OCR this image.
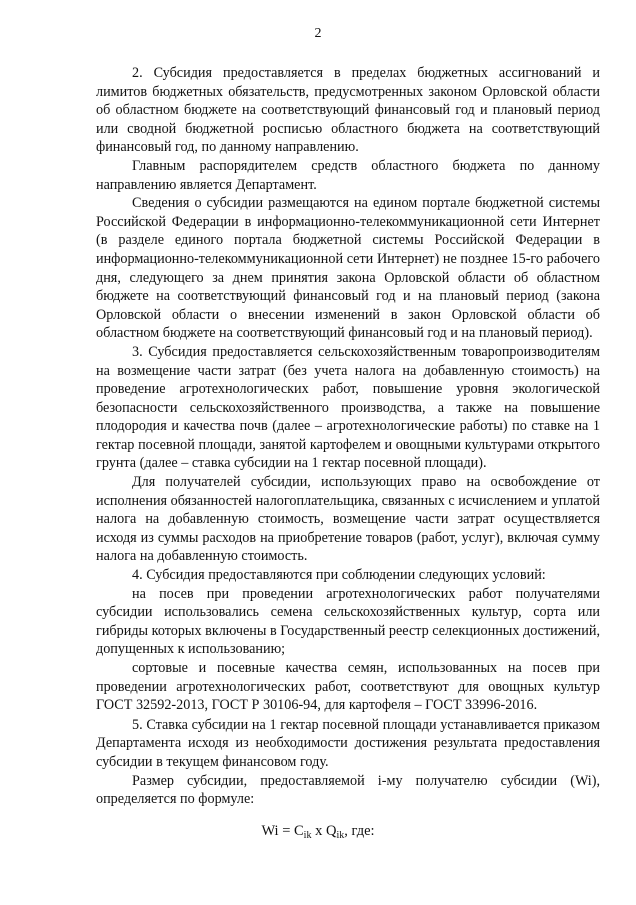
2

2. Субсидия предоставляется в пределах бюджетных ассигнований и лимитов бюджетных обязательств, предусмотренных законом Орловской области об областном бюджете на соответствующий финансовый год и плановый период или сводной бюджетной росписью областного бюджета на соответствующий финансовый год, по данному направлению.

Главным распорядителем средств областного бюджета по данному направлению является Департамент.

Сведения о субсидии размещаются на едином портале бюджетной системы Российской Федерации в информационно-телекоммуникационной сети Интернет (в разделе единого портала бюджетной системы Российской Федерации в информационно-телекоммуникационной сети Интернет) не позднее 15-го рабочего дня, следующего за днем принятия закона Орловской области об областном бюджете на соответствующий финансовый год и на плановый период (закона Орловской области о внесении изменений в закон Орловской области об областном бюджете на соответствующий финансовый год и на плановый период).

3. Субсидия предоставляется сельскохозяйственным товаропроизводителям на возмещение части затрат (без учета налога на добавленную стоимость) на проведение агротехнологических работ, повышение уровня экологической безопасности сельскохозяйственного производства, а также на повышение плодородия и качества почв (далее – агротехнологические работы) по ставке на 1 гектар посевной площади, занятой картофелем и овощными культурами открытого грунта (далее – ставка субсидии на 1 гектар посевной площади).

Для получателей субсидии, использующих право на освобождение от исполнения обязанностей налогоплательщика, связанных с исчислением и уплатой налога на добавленную стоимость, возмещение части затрат осуществляется исходя из суммы расходов на приобретение товаров (работ, услуг), включая сумму налога на добавленную стоимость.

4. Субсидия предоставляются при соблюдении следующих условий:

на посев при проведении агротехнологических работ получателями субсидии использовались семена сельскохозяйственных культур, сорта или гибриды которых включены в Государственный реестр селекционных достижений, допущенных к использованию;

сортовые и посевные качества семян, использованных на посев при проведении агротехнологических работ, соответствуют для овощных культур ГОСТ 32592-2013, ГОСТ Р 30106-94, для картофеля – ГОСТ 33996-2016.

5. Ставка субсидии на 1 гектар посевной площади устанавливается приказом Департамента исходя из необходимости достижения результата предоставления субсидии в текущем финансовом году.

Размер субсидии, предоставляемой i-му получателю субсидии (Wi), определяется по формуле:

$Wi = C_{ik}$ x $Q_{ik}$, где:
